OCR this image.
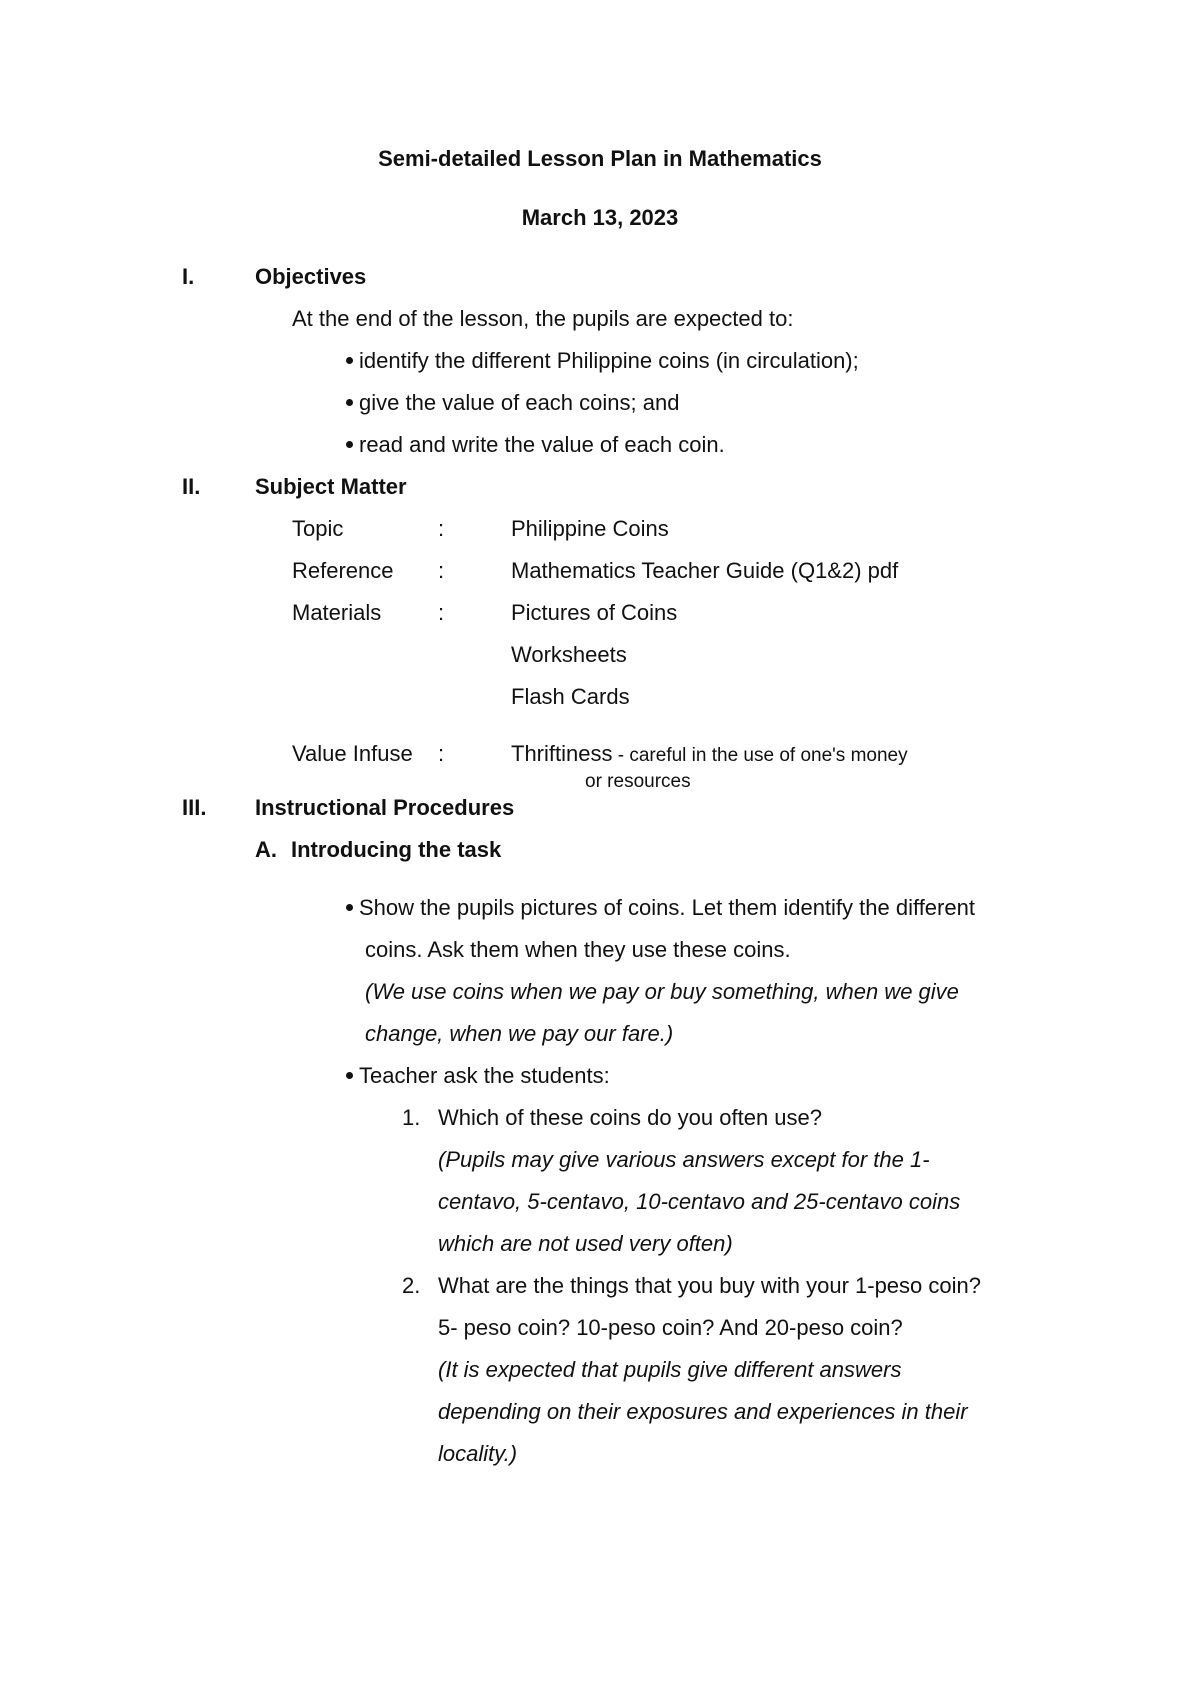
Semi-detailed Lesson Plan in Mathematics
March 13, 2023
I.	Objectives
At the end of the lesson, the pupils are expected to:
identify the different Philippine coins (in circulation);
give the value of each coins; and
read and write the value of each coin.
II. Subject Matter
Topic	:	Philippine Coins
Reference :	Mathematics Teacher Guide (Q1&2) pdf
Materials	:	Pictures of Coins
Worksheets
Flash Cards
Value Infuse :	Thriftiness - careful in the use of one's money
or resources
III. Instructional Procedures
A. Introducing the task
Show the pupils pictures of coins. Let them identify the different
coins. Ask them when they use these coins.
(We use coins when we pay or buy something, when we give
change, when we pay our fare.)
Teacher ask the students:
1. Which of these coins do you often use?
(Pupils may give various answers except for the 1-
centavo, 5-centavo, 10-centavo and 25-centavo coins
which are not used very often)
2. What are the things that you buy with your 1-peso coin?
5- peso coin? 10-peso coin? And 20-peso coin?
(It is expected that pupils give different answers
depending on their exposures and experiences in their
locality.)
